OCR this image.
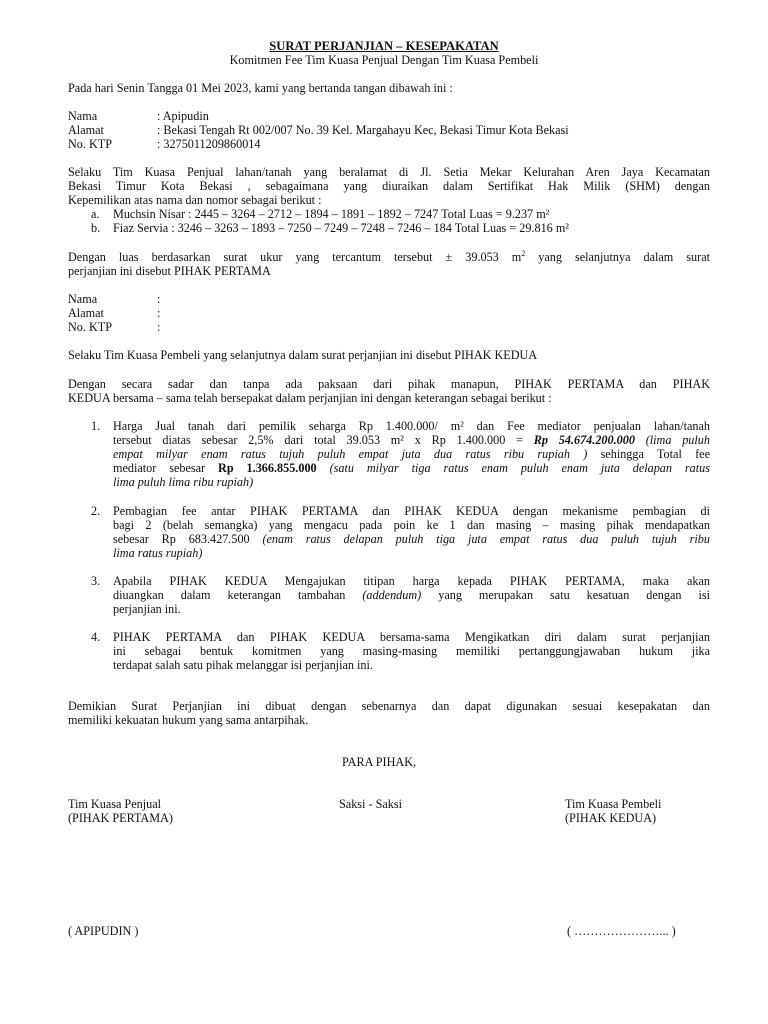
SURAT PERJANJIAN – KESEPAKATAN
Komitmen Fee Tim Kuasa Penjual Dengan Tim Kuasa Pembeli
Pada hari Senin Tangga 01 Mei 2023, kami yang bertanda tangan dibawah ini :
Nama	: Apipudin
Alamat	: Bekasi Tengah Rt 002/007 No. 39 Kel. Margahayu Kec, Bekasi Timur Kota Bekasi
No. KTP	: 3275011209860014
Selaku Tim Kuasa Penjual lahan/tanah yang beralamat di Jl. Setia Mekar Kelurahan Aren Jaya Kecamatan
Bekasi Timur Kota Bekasi , sebagaimana yang diuraikan dalam Sertifikat Hak Milik (SHM) dengan
Kepemilikan atas nama dan nomor sebagai berikut :
a. Muchsin Nisar : 2445 – 3264 – 2712 – 1894 – 1891 – 1892 – 7247 Total Luas = 9.237 m²
b. Fiaz Servia : 3246 – 3263 – 1893 – 7250 – 7249 – 7248 – 7246 – 184 Total Luas = 29.816 m²
Dengan luas berdasarkan surat ukur yang tercantum tersebut ± 39.053 $m^2$ yang selanjutnya dalam surat
perjanjian ini disebut PIHAK PERTAMA
Nama	:
Alamat	:
No. KTP	:
Selaku Tim Kuasa Pembeli yang selanjutnya dalam surat perjanjian ini disebut PIHAK KEDUA
Dengan secara sadar dan tanpa ada paksaan dari pihak manapun, PIHAK PERTAMA dan PIHAK
KEDUA bersama – sama telah bersepakat dalam perjanjian ini dengan keterangan sebagai berikut :
1. Harga Jual tanah dari pemilik seharga Rp 1.400.000/ m² dan Fee mediator penjualan lahan/tanah
tersebut diatas sebesar 2,5% dari total 39.053 m² x Rp 1.400.000 = Rp 54.674.200.000 (lima puluh
empat milyar enam ratus tujuh puluh empat juta dua ratus ribu rupiah ) sehingga Total fee
mediator sebesar Rp 1.366.855.000 (satu milyar tiga ratus enam puluh enam juta delapan ratus
lima puluh lima ribu rupiah)
2. Pembagian fee antar PIHAK PERTAMA dan PIHAK KEDUA dengan mekanisme pembagian di
bagi 2 (belah semangka) yang mengacu pada poin ke 1 dan masing – masing pihak mendapatkan
sebesar Rp 683.427.500 (enam ratus delapan puluh tiga juta empat ratus dua puluh tujuh ribu
lima ratus rupiah)
3. Apabila PIHAK KEDUA Mengajukan titipan harga kepada PIHAK PERTAMA, maka akan
diuangkan dalam keterangan tambahan (addendum) yang merupakan satu kesatuan dengan isi
perjanjian ini.
4. PIHAK PERTAMA dan PIHAK KEDUA bersama-sama Mengikatkan diri dalam surat perjanjian
ini sebagai bentuk komitmen yang masing-masing memiliki pertanggungjawaban hukum jika
terdapat salah satu pihak melanggar isi perjanjian ini.
Demikian Surat Perjanjian ini dibuat dengan sebenarnya dan dapat digunakan sesuai kesepakatan dan
memiliki kekuatan hukum yang sama antarpihak.
PARA PIHAK,
Tim Kuasa Penjual
(PIHAK PERTAMA)
Saksi - Saksi	Tim Kuasa Pembeli
(PIHAK KEDUA)
( APIPUDIN )	( …………………... )
